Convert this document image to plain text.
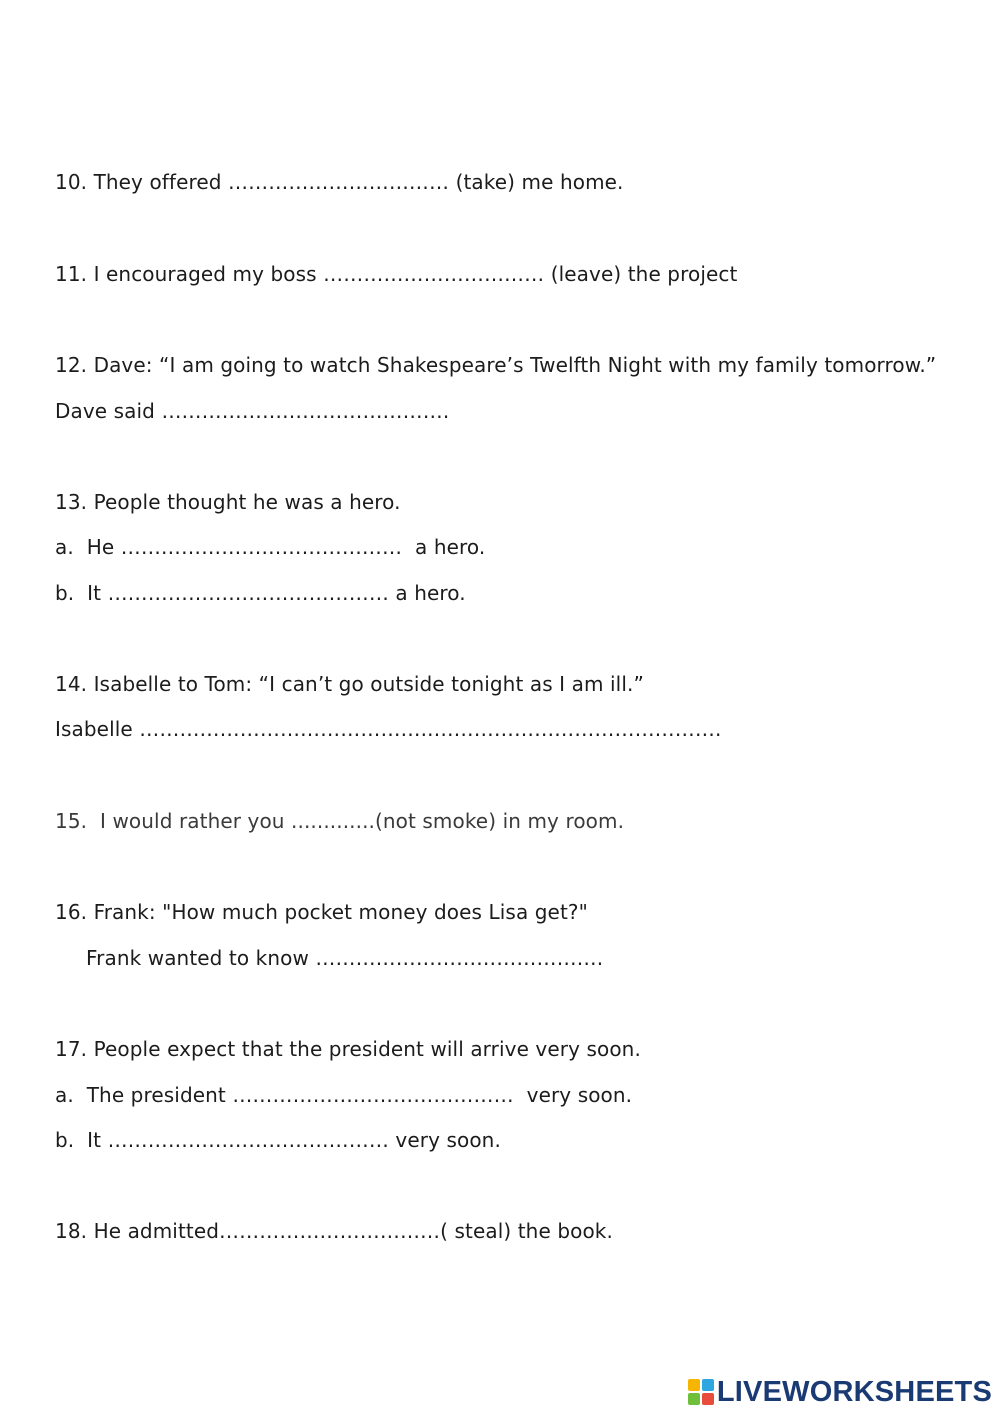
10. They offered …………………………… (take) me home.
11. I encouraged my boss …………………………… (leave) the project
12. Dave: “I am going to watch Shakespeare’s Twelfth Night with my family tomorrow.”
Dave said …………………………………….
13. People thought he was a hero.
a.  He ……………………………………  a hero.
b.  It …………………………………… a hero.
14. Isabelle to Tom: “I can’t go outside tonight as I am ill.”
Isabelle ……………………………………..…………………………………….
15.  I would rather you .............(not smoke) in my room.
16. Frank: "How much pocket money does Lisa get?"
Frank wanted to know …………………………………….
17. People expect that the president will arrive very soon.
a.  The president ……………………………………  very soon.
b.  It …………………………………… very soon.
18. He admitted……………………………( steal) the book.
LIVEWORKSHEETS
